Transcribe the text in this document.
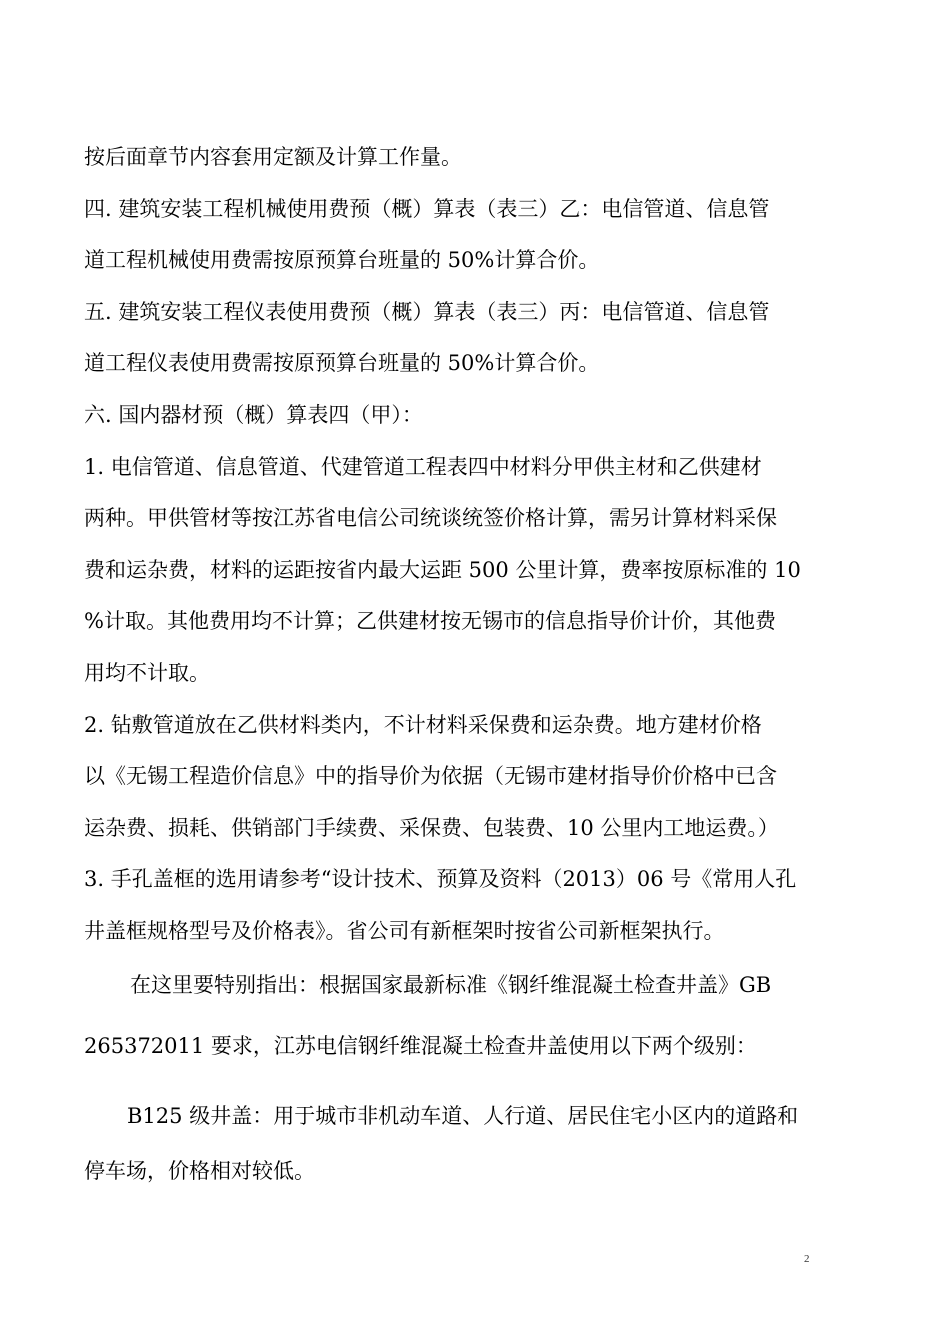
按后面章节内容套用定额及计算工作量。

四. 建筑安装工程机械使用费预（概）算表（表三）乙：电信管道、信息管

道工程机械使用费需按原预算台班量的 50%计算合价。

五. 建筑安装工程仪表使用费预（概）算表（表三）丙：电信管道、信息管

道工程仪表使用费需按原预算台班量的 50%计算合价。

六. 国内器材预（概）算表四（甲）：

1. 电信管道、信息管道、代建管道工程表四中材料分甲供主材和乙供建材

两种。甲供管材等按江苏省电信公司统谈统签价格计算，需另计算材料采保

费和运杂费，材料的运距按省内最大运距 500 公里计算，费率按原标准的 10

%计取。其他费用均不计算；乙供建材按无锡市的信息指导价计价，其他费

用均不计取。

2. 钻敷管道放在乙供材料类内，不计材料采保费和运杂费。地方建材价格

以《无锡工程造价信息》中的指导价为依据（无锡市建材指导价价格中已含

运杂费、损耗、供销部门手续费、采保费、包装费、10 公里内工地运费。）

3. 手孔盖框的选用请参考“设计技术、预算及资料（2013）06 号《常用人孔

井盖框规格型号及价格表》。省公司有新框架时按省公司新框架执行。

在这里要特别指出：根据国家最新标准《钢纤维混凝土检查井盖》GB

265372011 要求，江苏电信钢纤维混凝土检查井盖使用以下两个级别：

B125 级井盖：用于城市非机动车道、人行道、居民住宅小区内的道路和

停车场，价格相对较低。

2
